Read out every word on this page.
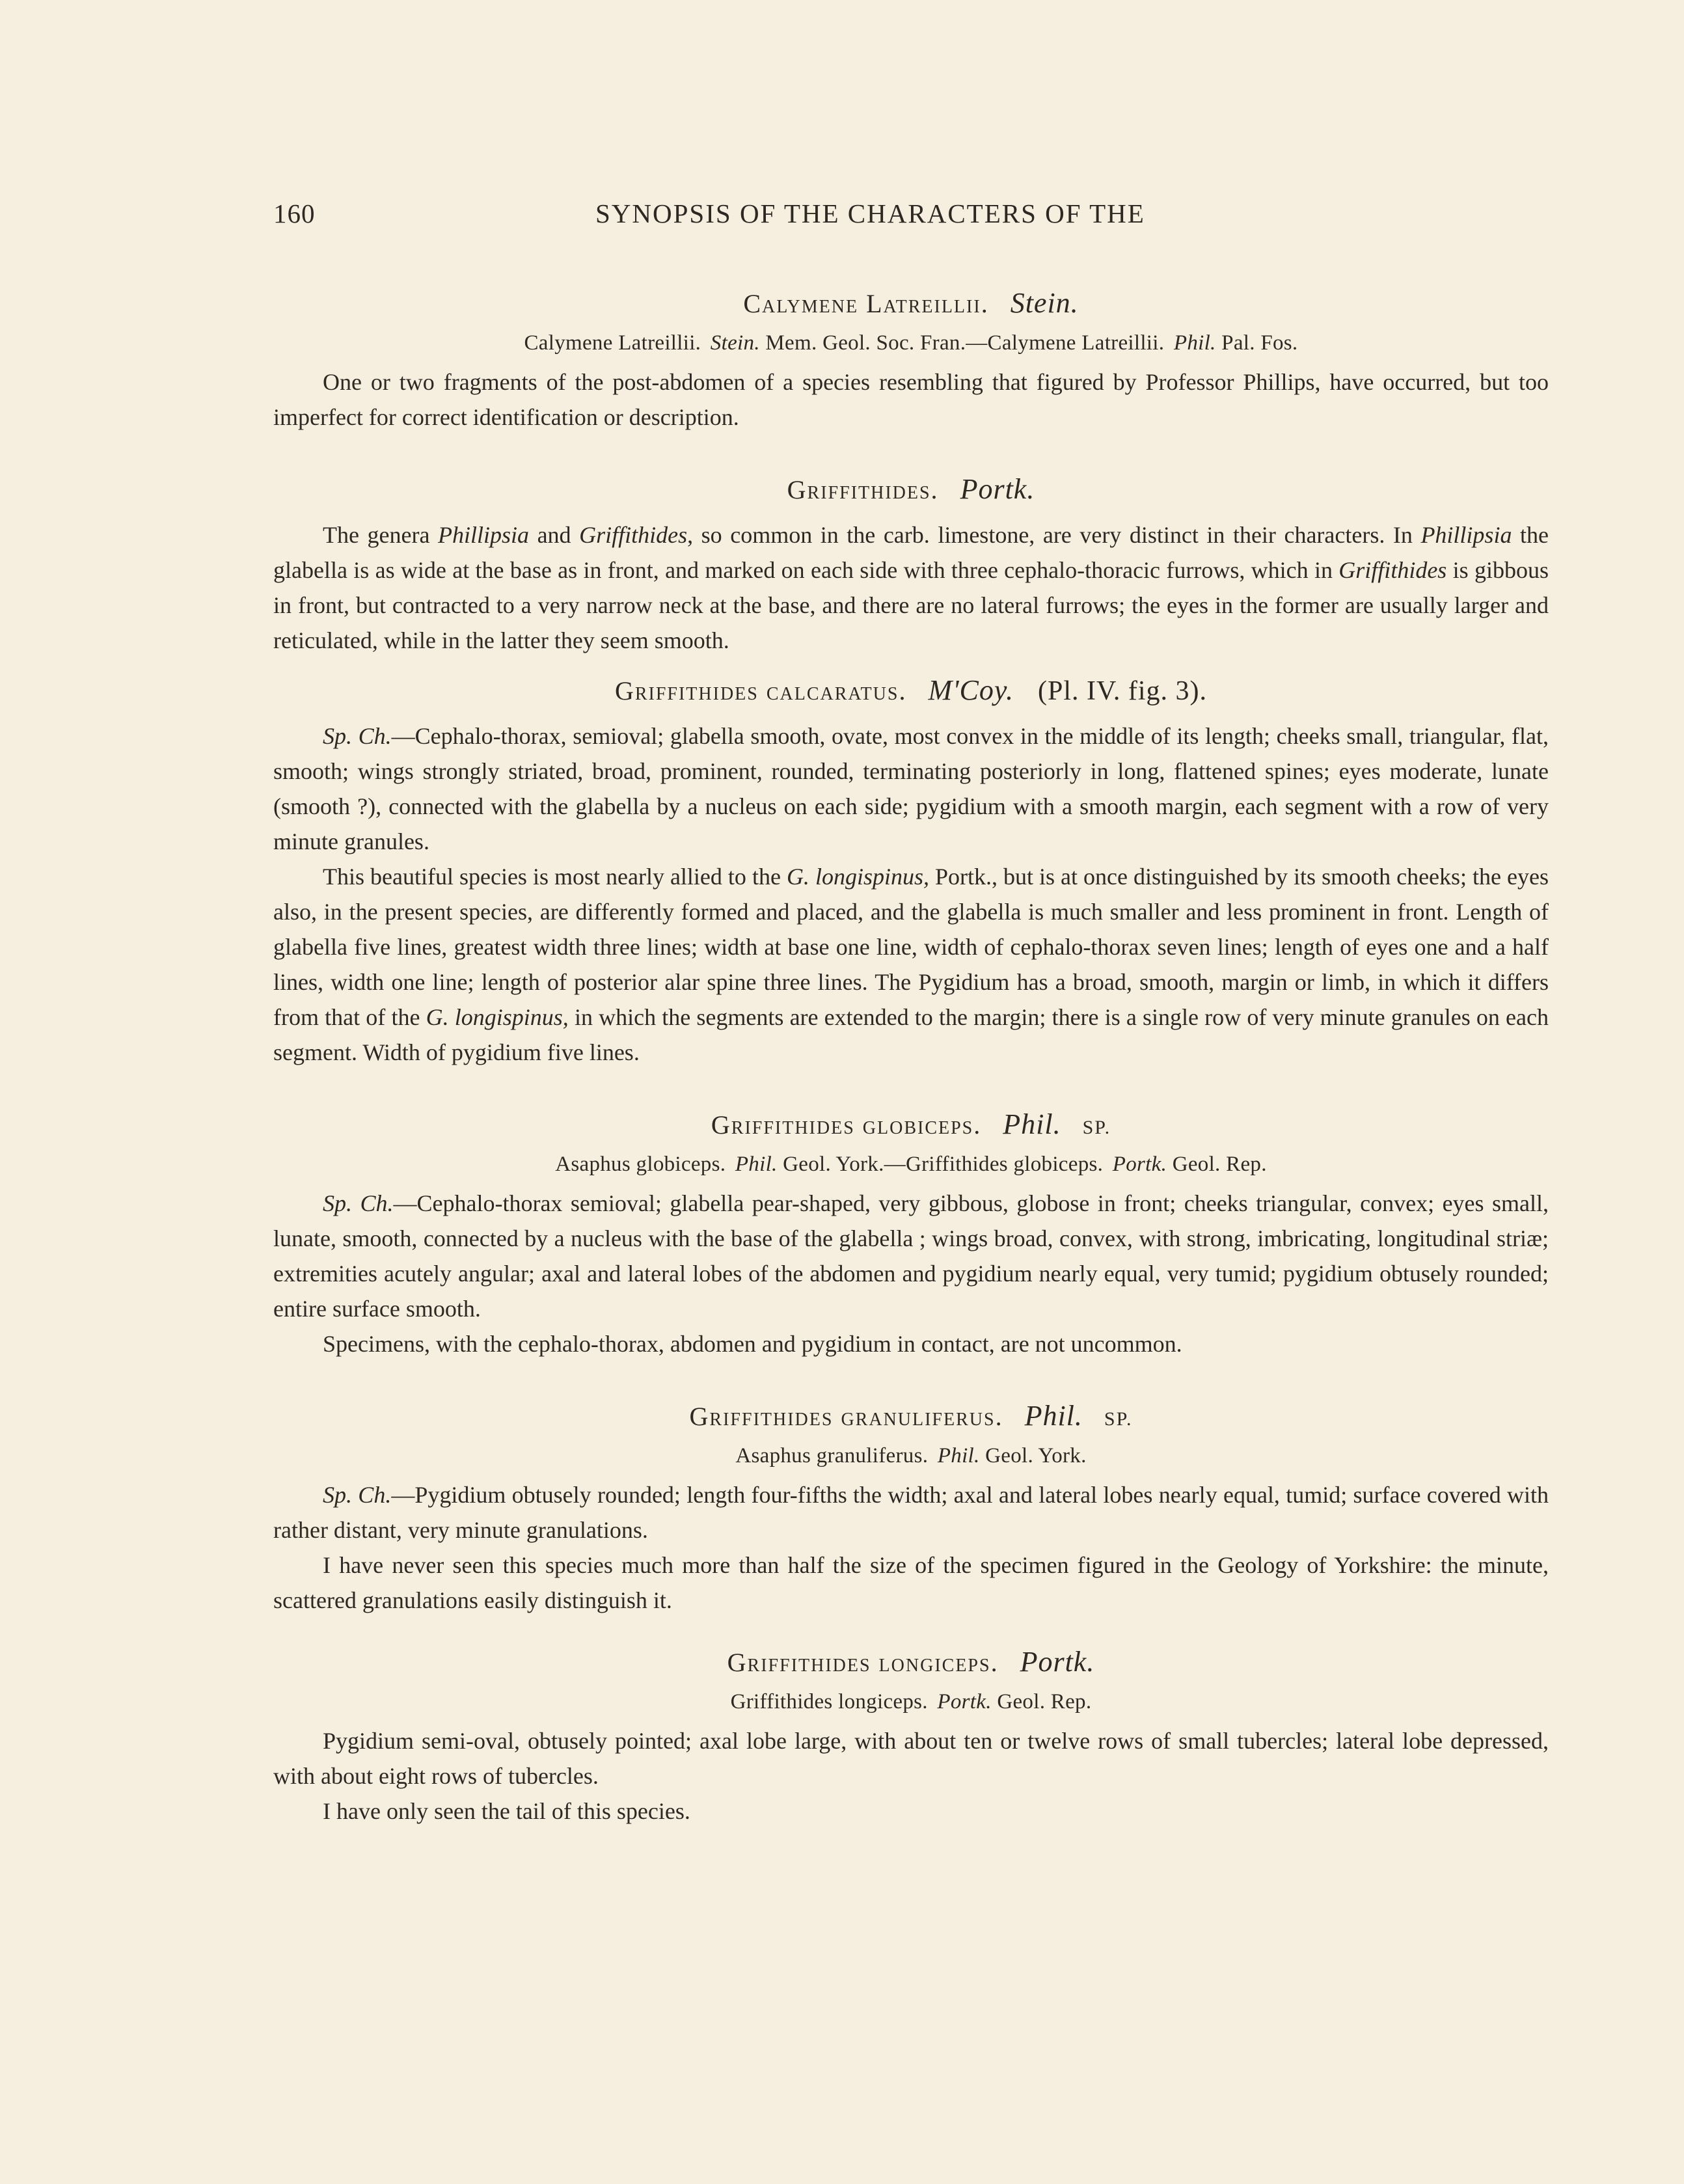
160	SYNOPSIS OF THE CHARACTERS OF THE
Calymene Latreillii. Stein.
Calymene Latreillii. Stein. Mem. Geol. Soc. Fran.—Calymene Latreillii. Phil. Pal. Fos.

One or two fragments of the post-abdomen of a species resembling that figured by Professor Phillips, have occurred, but too imperfect for correct identification or description.

Griffithides. Portk.

The genera Phillipsia and Griffithides, so common in the carb. limestone, are very distinct in their characters. In Phillipsia the glabella is as wide at the base as in front, and marked on each side with three cephalo-thoracic furrows, which in Griffithides is gibbous in front, but contracted to a very narrow neck at the base, and there are no lateral furrows; the eyes in the former are usually larger and reticulated, while in the latter they seem smooth.

Griffithides calcaratus. M'Coy. (Pl. IV. fig. 3).

Sp. Ch.—Cephalo-thorax, semioval; glabella smooth, ovate, most convex in the middle of its length; cheeks small, triangular, flat, smooth; wings strongly striated, broad, prominent, rounded, terminating posteriorly in long, flattened spines; eyes moderate, lunate (smooth ?), connected with the glabella by a nucleus on each side; pygidium with a smooth margin, each segment with a row of very minute granules.

This beautiful species is most nearly allied to the G. longispinus, Portk., but is at once distinguished by its smooth cheeks; the eyes also, in the present species, are differently formed and placed, and the glabella is much smaller and less prominent in front. Length of glabella five lines, greatest width three lines; width at base one line, width of cephalo-thorax seven lines; length of eyes one and a half lines, width one line; length of posterior alar spine three lines. The Pygidium has a broad, smooth, margin or limb, in which it differs from that of the G. longispinus, in which the segments are extended to the margin; there is a single row of very minute granules on each segment. Width of pygidium five lines.

Griffithides globiceps. Phil. SP.
Asaphus globiceps. Phil. Geol. York.—Griffithides globiceps. Portk. Geol. Rep.

Sp. Ch.—Cephalo-thorax semioval; glabella pear-shaped, very gibbous, globose in front; cheeks triangular, convex; eyes small, lunate, smooth, connected by a nucleus with the base of the glabella ; wings broad, convex, with strong, imbricating, longitudinal striæ; extremities acutely angular; axal and lateral lobes of the abdomen and pygidium nearly equal, very tumid; pygidium obtusely rounded; entire surface smooth.

Specimens, with the cephalo-thorax, abdomen and pygidium in contact, are not uncommon.

Griffithides granuliferus. Phil. SP.
Asaphus granuliferus. Phil. Geol. York.

Sp. Ch.—Pygidium obtusely rounded; length four-fifths the width; axal and lateral lobes nearly equal, tumid; surface covered with rather distant, very minute granulations.

I have never seen this species much more than half the size of the specimen figured in the Geology of Yorkshire: the minute, scattered granulations easily distinguish it.

Griffithides longiceps. Portk.
Griffithides longiceps. Portk. Geol. Rep.

Pygidium semi-oval, obtusely pointed; axal lobe large, with about ten or twelve rows of small tubercles; lateral lobe depressed, with about eight rows of tubercles.

I have only seen the tail of this species.
